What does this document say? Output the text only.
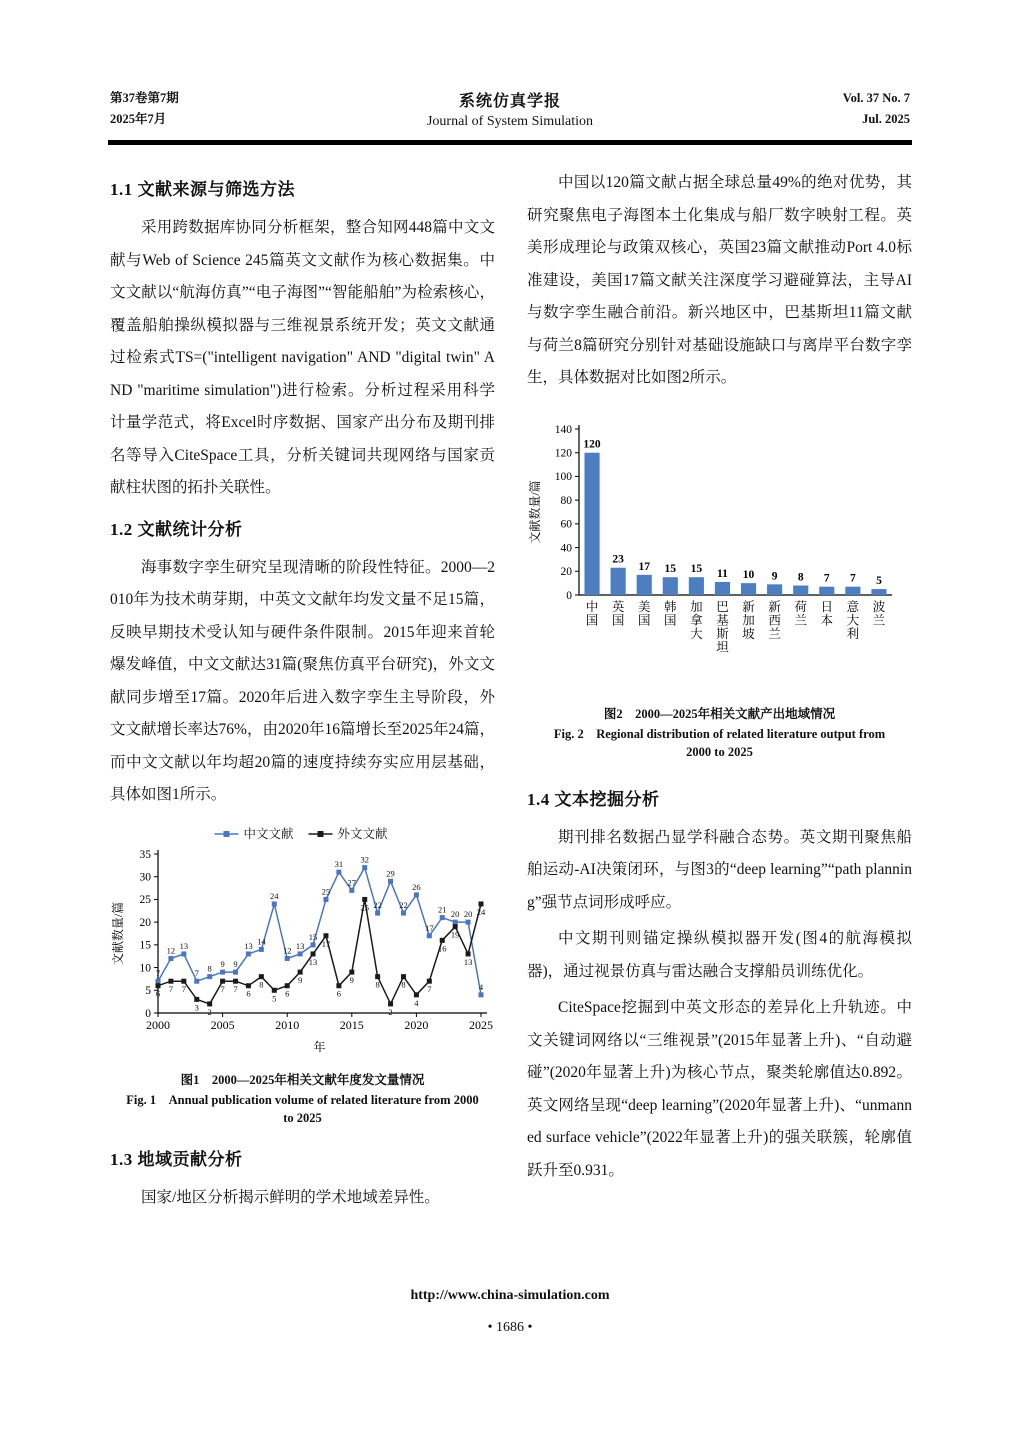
第37卷第7期
2025年7月
系统仿真学报
Journal of System Simulation
Vol. 37 No. 7
Jul. 2025
1.1 文献来源与筛选方法

采用跨数据库协同分析框架，整合知网448篇中文文献与Web of Science 245篇英文文献作为核心数据集。中文文献以“航海仿真”“电子海图”“智能船舶”为检索核心，覆盖船舶操纵模拟器与三维视景系统开发；英文文献通过检索式TS=("intelligent navigation" AND "digital twin" AND "maritime simulation")进行检索。分析过程采用科学计量学范式，将Excel时序数据、国家产出分布及期刊排名等导入CiteSpace工具，分析关键词共现网络与国家贡献柱状图的拓扑关联性。

1.2 文献统计分析

海事数字孪生研究呈现清晰的阶段性特征。2000—2010年为技术萌芽期，中英文文献年均发文量不足15篇，反映早期技术受认知与硬件条件限制。2015年迎来首轮爆发峰值，中文文献达31篇(聚焦仿真平台研究)，外文文献同步增至17篇。2020年后进入数字孪生主导阶段，外文文献增长率达76%，由2020年16篇增长至2025年24篇，而中文文献以年均超20篇的速度持续夯实应用层基础，具体如图1所示。

中文文献	外文文献
0
5
10
15
20
25
30
35
2000	2005	2010	2015	2020	2025
年
文献数量/篇
7
12 13
7 8 9 9
13 14
24
12 13
15
25
31
27
32
22
29
22
26
17
21 20 20
4
6 7 7
3 2
7 7 6
8
5 6
9
13
17
6
9
25
8
2
8
4
7
16
19
13
24
图1　2000—2025年相关文献年度发文量情况
Fig. 1　Annual publication volume of related literature from 2000 to 2025
1.3 地域贡献分析

国家/地区分析揭示鲜明的学术地域差异性。

中国以120篇文献占据全球总量49%的绝对优势，其研究聚焦电子海图本土化集成与船厂数字映射工程。英美形成理论与政策双核心，英国23篇文献推动Port 4.0标准建设，美国17篇文献关注深度学习避碰算法，主导AI与数字孪生融合前沿。新兴地区中，巴基斯坦11篇文献与荷兰8篇研究分别针对基础设施缺口与离岸平台数字孪生，具体数据对比如图2所示。

0
20
40
60
80
100
120
140
文献数量/篇
120
中
国
23
英
国
17
美
国
15
韩
国
15
加
拿
大
11
巴
基
斯
坦
10
新
加
坡
9
新
西
兰
8
荷
兰
7
日
本
7
意
大
利
5
波
兰
图2　2000—2025年相关文献产出地域情况
Fig. 2　Regional distribution of related literature output from 2000 to 2025
1.4 文本挖掘分析

期刊排名数据凸显学科融合态势。英文期刊聚焦船舶运动-AI决策闭环，与图3的“deep learning”“path planning”强节点词形成呼应。

中文期刊则锚定操纵模拟器开发(图4的航海模拟器)，通过视景仿真与雷达融合支撑船员训练优化。

CiteSpace挖掘到中英文形态的差异化上升轨迹。中文关键词网络以“三维视景”(2015年显著上升)、“自动避碰”(2020年显著上升)为核心节点，聚类轮廓值达0.892。英文网络呈现“deep learning”(2020年显著上升)、“unmanned surface vehicle”(2022年显著上升)的强关联簇，轮廓值跃升至0.931。

http://www.china-simulation.com
• 1686 •
